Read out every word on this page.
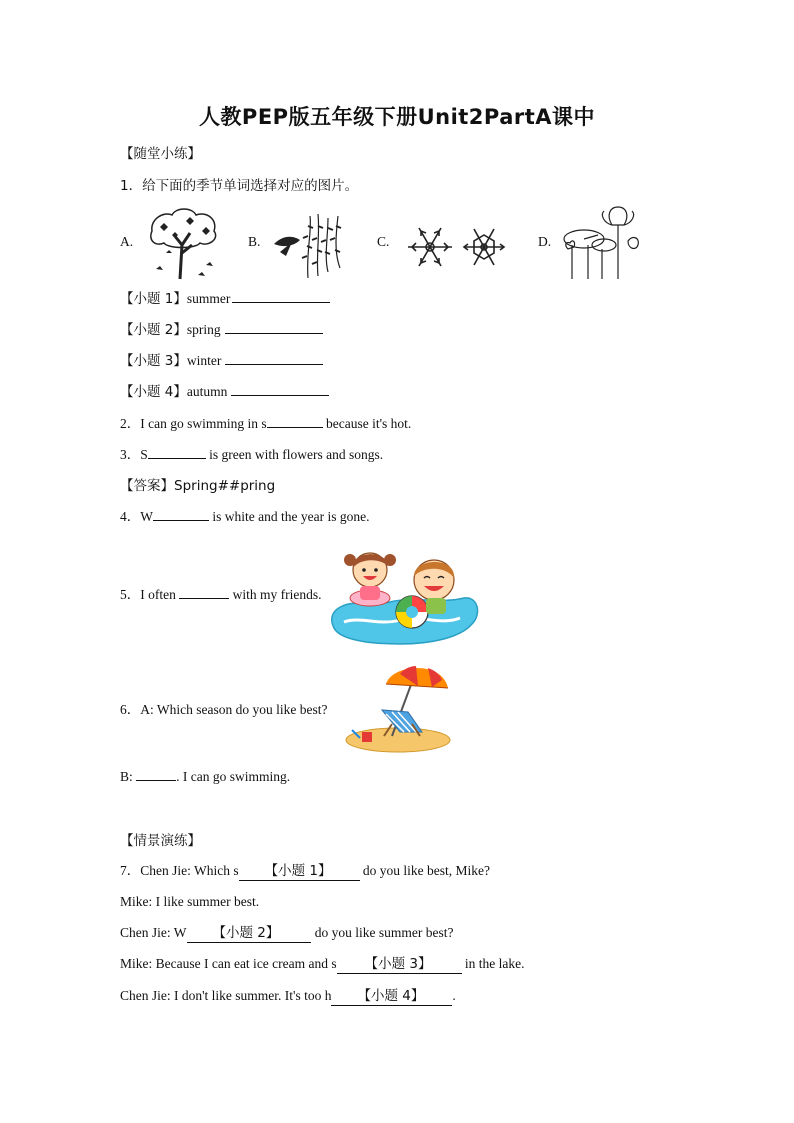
人教PEP版五年级下册Unit2PartA课中
【随堂小练】
1．给下面的季节单词选择对应的图片。
A.	B.	C.	D.
【小题 1】summer
【小题 2】spring
【小题 3】winter
【小题 4】autumn
2．I can go swimming in s	because it's hot.
3．S	is green with flowers and songs.
【答案】Spring##pring
4．W	is white and the year is gone.
5．I often	with my friends.
6．A: Which season do you like best?
B:	. I can go swimming.
【情景演练】
7．Chen Jie: Which s 【小题 1】 do you like best, Mike?
Mike: I like summer best.
Chen Jie: W 【小题 2】 do you like summer best?
Mike: Because I can eat ice cream and s 【小题 3】 in the lake.
Chen Jie: I don't like summer. It's too h 【小题 4】 .
